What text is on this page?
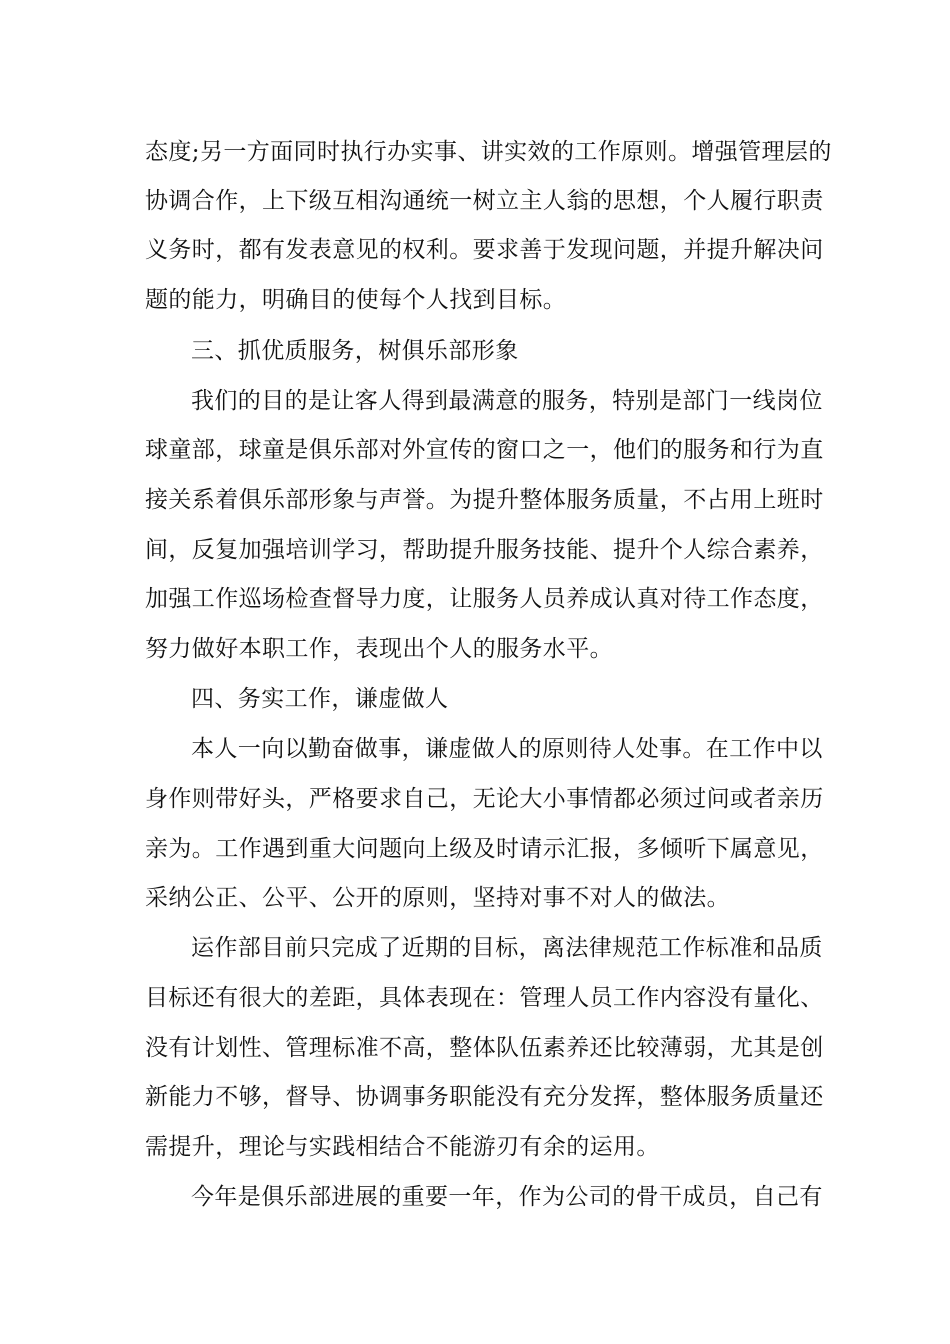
态度;另一方面同时执行办实事、讲实效的工作原则。增强管理层的
协调合作，上下级互相沟通统一树立主人翁的思想，个人履行职责
义务时，都有发表意见的权利。要求善于发现问题，并提升解决问
题的能力，明确目的使每个人找到目标。
三、抓优质服务，树俱乐部形象
我们的目的是让客人得到最满意的服务，特别是部门一线岗位
球童部，球童是俱乐部对外宣传的窗口之一，他们的服务和行为直
接关系着俱乐部形象与声誉。为提升整体服务质量，不占用上班时
间，反复加强培训学习，帮助提升服务技能、提升个人综合素养，
加强工作巡场检查督导力度，让服务人员养成认真对待工作态度，
努力做好本职工作，表现出个人的服务水平。
四、务实工作，谦虚做人
本人一向以勤奋做事，谦虚做人的原则待人处事。在工作中以
身作则带好头，严格要求自己，无论大小事情都必须过问或者亲历
亲为。工作遇到重大问题向上级及时请示汇报，多倾听下属意见，
采纳公正、公平、公开的原则，坚持对事不对人的做法。
运作部目前只完成了近期的目标，离法律规范工作标准和品质
目标还有很大的差距，具体表现在：管理人员工作内容没有量化、
没有计划性、管理标准不高，整体队伍素养还比较薄弱，尤其是创
新能力不够，督导、协调事务职能没有充分发挥，整体服务质量还
需提升，理论与实践相结合不能游刃有余的运用。
今年是俱乐部进展的重要一年，作为公司的骨干成员，自己有
